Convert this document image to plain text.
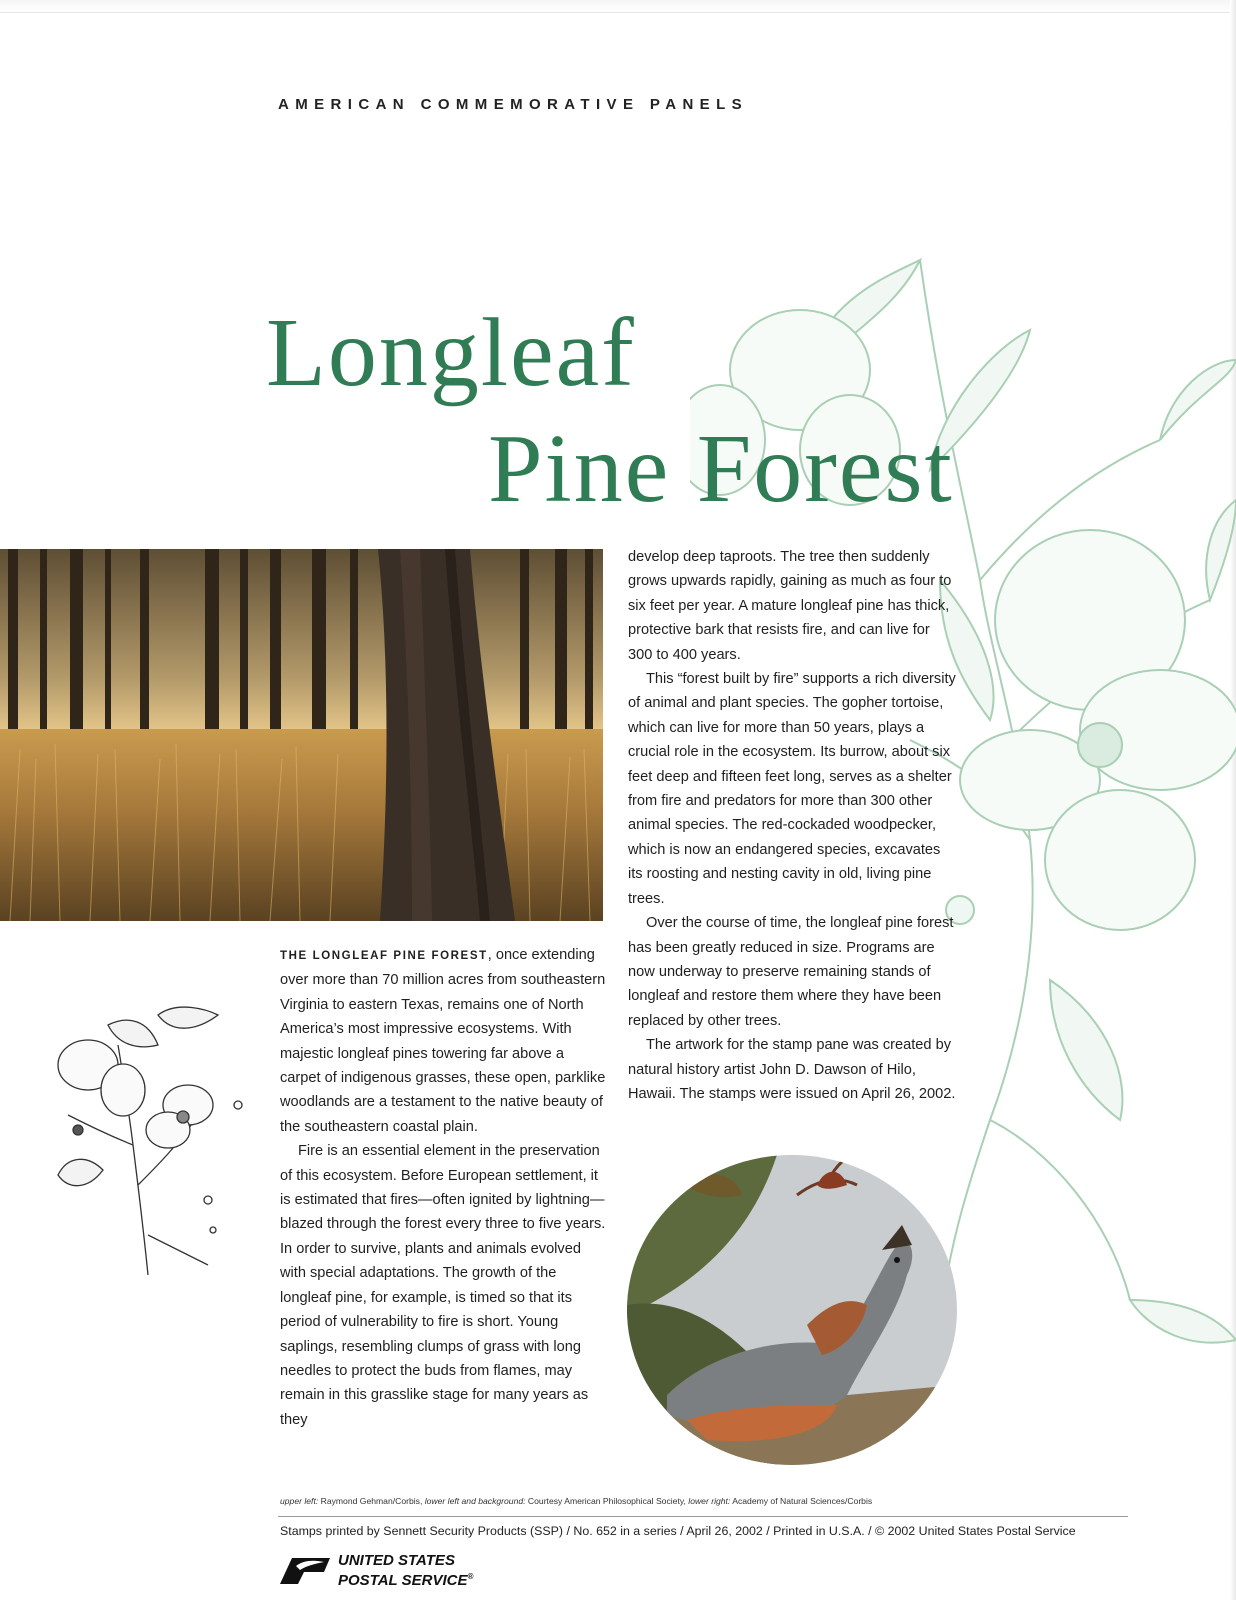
AMERICAN COMMEMORATIVE PANELS
Longleaf
Pine Forest

THE LONGLEAF PINE FOREST, once extending over more than 70 million acres from southeastern Virginia to eastern Texas, remains one of North America’s most impressive ecosystems. With majestic longleaf pines towering far above a carpet of indigenous grasses, these open, parklike woodlands are a testament to the native beauty of the southeastern coastal plain.

Fire is an essential element in the preservation of this ecosystem. Before European settlement, it is estimated that fires—often ignited by lightning—blazed through the forest every three to five years. In order to survive, plants and animals evolved with special adaptations. The growth of the longleaf pine, for example, is timed so that its period of vulnerability to fire is short. Young saplings, resembling clumps of grass with long needles to protect the buds from flames, may remain in this grasslike stage for many years as they

develop deep taproots. The tree then suddenly grows upwards rapidly, gaining as much as four to six feet per year. A mature longleaf pine has thick, protective bark that resists fire, and can live for 300 to 400 years.

This “forest built by fire” supports a rich diversity of animal and plant species. The gopher tortoise, which can live for more than 50 years, plays a crucial role in the ecosystem. Its burrow, about six feet deep and fifteen feet long, serves as a shelter from fire and predators for more than 300 other animal species. The red-cockaded woodpecker, which is now an endangered species, excavates its roosting and nesting cavity in old, living pine trees.

Over the course of time, the longleaf pine forest has been greatly reduced in size. Programs are now underway to preserve remaining stands of longleaf and restore them where they have been replaced by other trees.

The artwork for the stamp pane was created by natural history artist John D. Dawson of Hilo, Hawaii. The stamps were issued on April 26, 2002.

upper left: Raymond Gehman/Corbis, lower left and background: Courtesy American Philosophical Society, lower right: Academy of Natural Sciences/Corbis
Stamps printed by Sennett Security Products (SSP) / No. 652 in a series / April 26, 2002 / Printed in U.S.A. / © 2002 United States Postal Service
UNITED STATES
POSTAL SERVICE®
